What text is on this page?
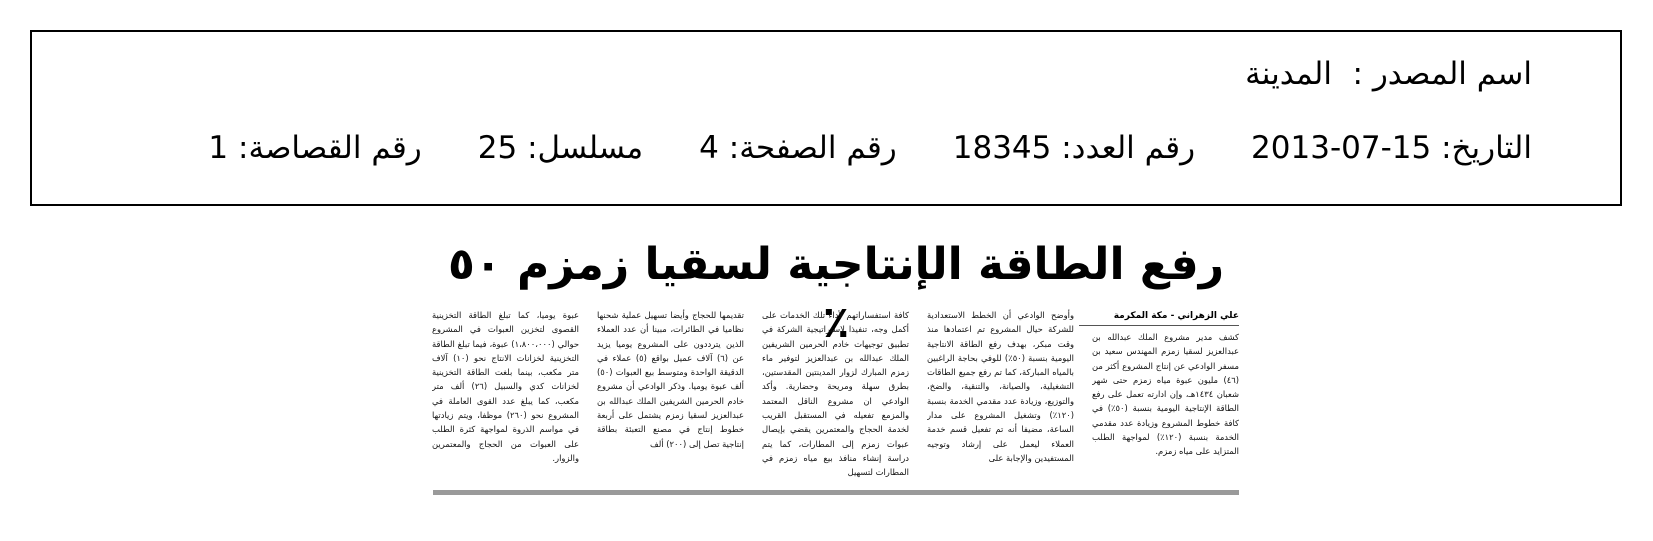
اسم المصدر :
المدينة
التاريخ: 2013-07-15
رقم العدد: 18345
رقم الصفحة: 4
مسلسل: 25
رقم القصاصة: 1
رفع الطاقة الإنتاجية لسقيا زمزم ٥٠ ٪	كشف مدير مشروع الملك عبدالله بن عبدالعزيز لسقيا زمزم المهندس سعيد بن مسفر الوادعي عن إنتاج المشروع أكثر من (٤٦) مليون عبوة مياه زمزم حتى شهر شعبان ١٤٣٤هـ، وإن ادارته تعمل على رفع الطاقة الإنتاجية اليومية بنسبة (٥٠٪) في كافة خطوط المشروع وزيادة عدد مقدمي الخدمة بنسبة (١٢٠٪) لمواجهة الطلب المتزايد على مياه زمزم.
وأوضح الوادعي أن الخطط الاستعدادية للشركة حيال المشروع تم اعتمادها منذ وقت مبكر، بهدف رفع الطاقة الانتاجية اليومية بنسبة (٥٠٪) للوفي بحاجة الراغبين بالمياه المباركة، كما تم رفع جميع الطاقات التشغيلية، والصيانة، والتنقية، والضخ، والتوزيع، وزيادة عدد مقدمي الخدمة بنسبة (١٢٠٪) وتشغيل المشروع على مدار الساعة، مضيفا أنه تم تفعيل قسم خدمة العملاء ليعمل على إرشاد وتوجيه المستفيدين والإجابة على
كافة استفساراتهم لأداء تلك الخدمات على أكمل وجه، تنفيذا لاستراتيجية الشركة في تطبيق توجيهات خادم الحرمين الشريفين الملك عبدالله بن عبدالعزيز لتوفير ماء زمزم المبارك لزوار المدينتين المقدستين، بطرق سهلة ومريحة وحضارية. وأكد الوادعي ان مشروع الناقل المعتمد والمزمع تفعيله في المستقبل القريب لخدمة الحجاج والمعتمرين يقضي بإيصال عبوات زمزم إلى المطارات، كما يتم دراسة إنشاء منافذ بيع مياه زمزم في المطارات لتسهيل
تقديمها للحجاج وأيضا تسهيل عملية شحنها نظاميا في الطائرات، مبينا أن عدد العملاء الذين يترددون على المشروع يوميا يزيد عن (٦) آلاف عميل بواقع (٥) عملاء في الدقيقة الواحدة ومتوسط بيع العبوات (٥٠) ألف عبوة يوميا. وذكر الوادعي أن مشروع خادم الحرمين الشريفين الملك عبدالله بن عبدالعزيز لسقيا زمزم يشتمل على أربعة خطوط إنتاج في مصنع التعبئة بطاقة إنتاجية تصل إلى (٢٠٠) ألف
عبوة يوميا، كما تبلغ الطاقة التخزينية القصوى لتخزين العبوات في المشروع حوالي (١،٨٠٠،٠٠٠) عبوة، فيما تبلغ الطاقة التخزينية لخزانات الانتاج نحو (١٠) آلاف متر مكعب، بينما بلغت الطاقة التخزينية لخزانات كدي والسبيل (٢٦) ألف متر مكعب، كما يبلغ عدد القوى العاملة في المشروع نحو (٢٦٠) موظفا، ويتم زيادتها في مواسم الذروة لمواجهة كثرة الطلب على العبوات من الحجاج والمعتمرين والزوار.
علي الزهراني - مكة المكرمة
